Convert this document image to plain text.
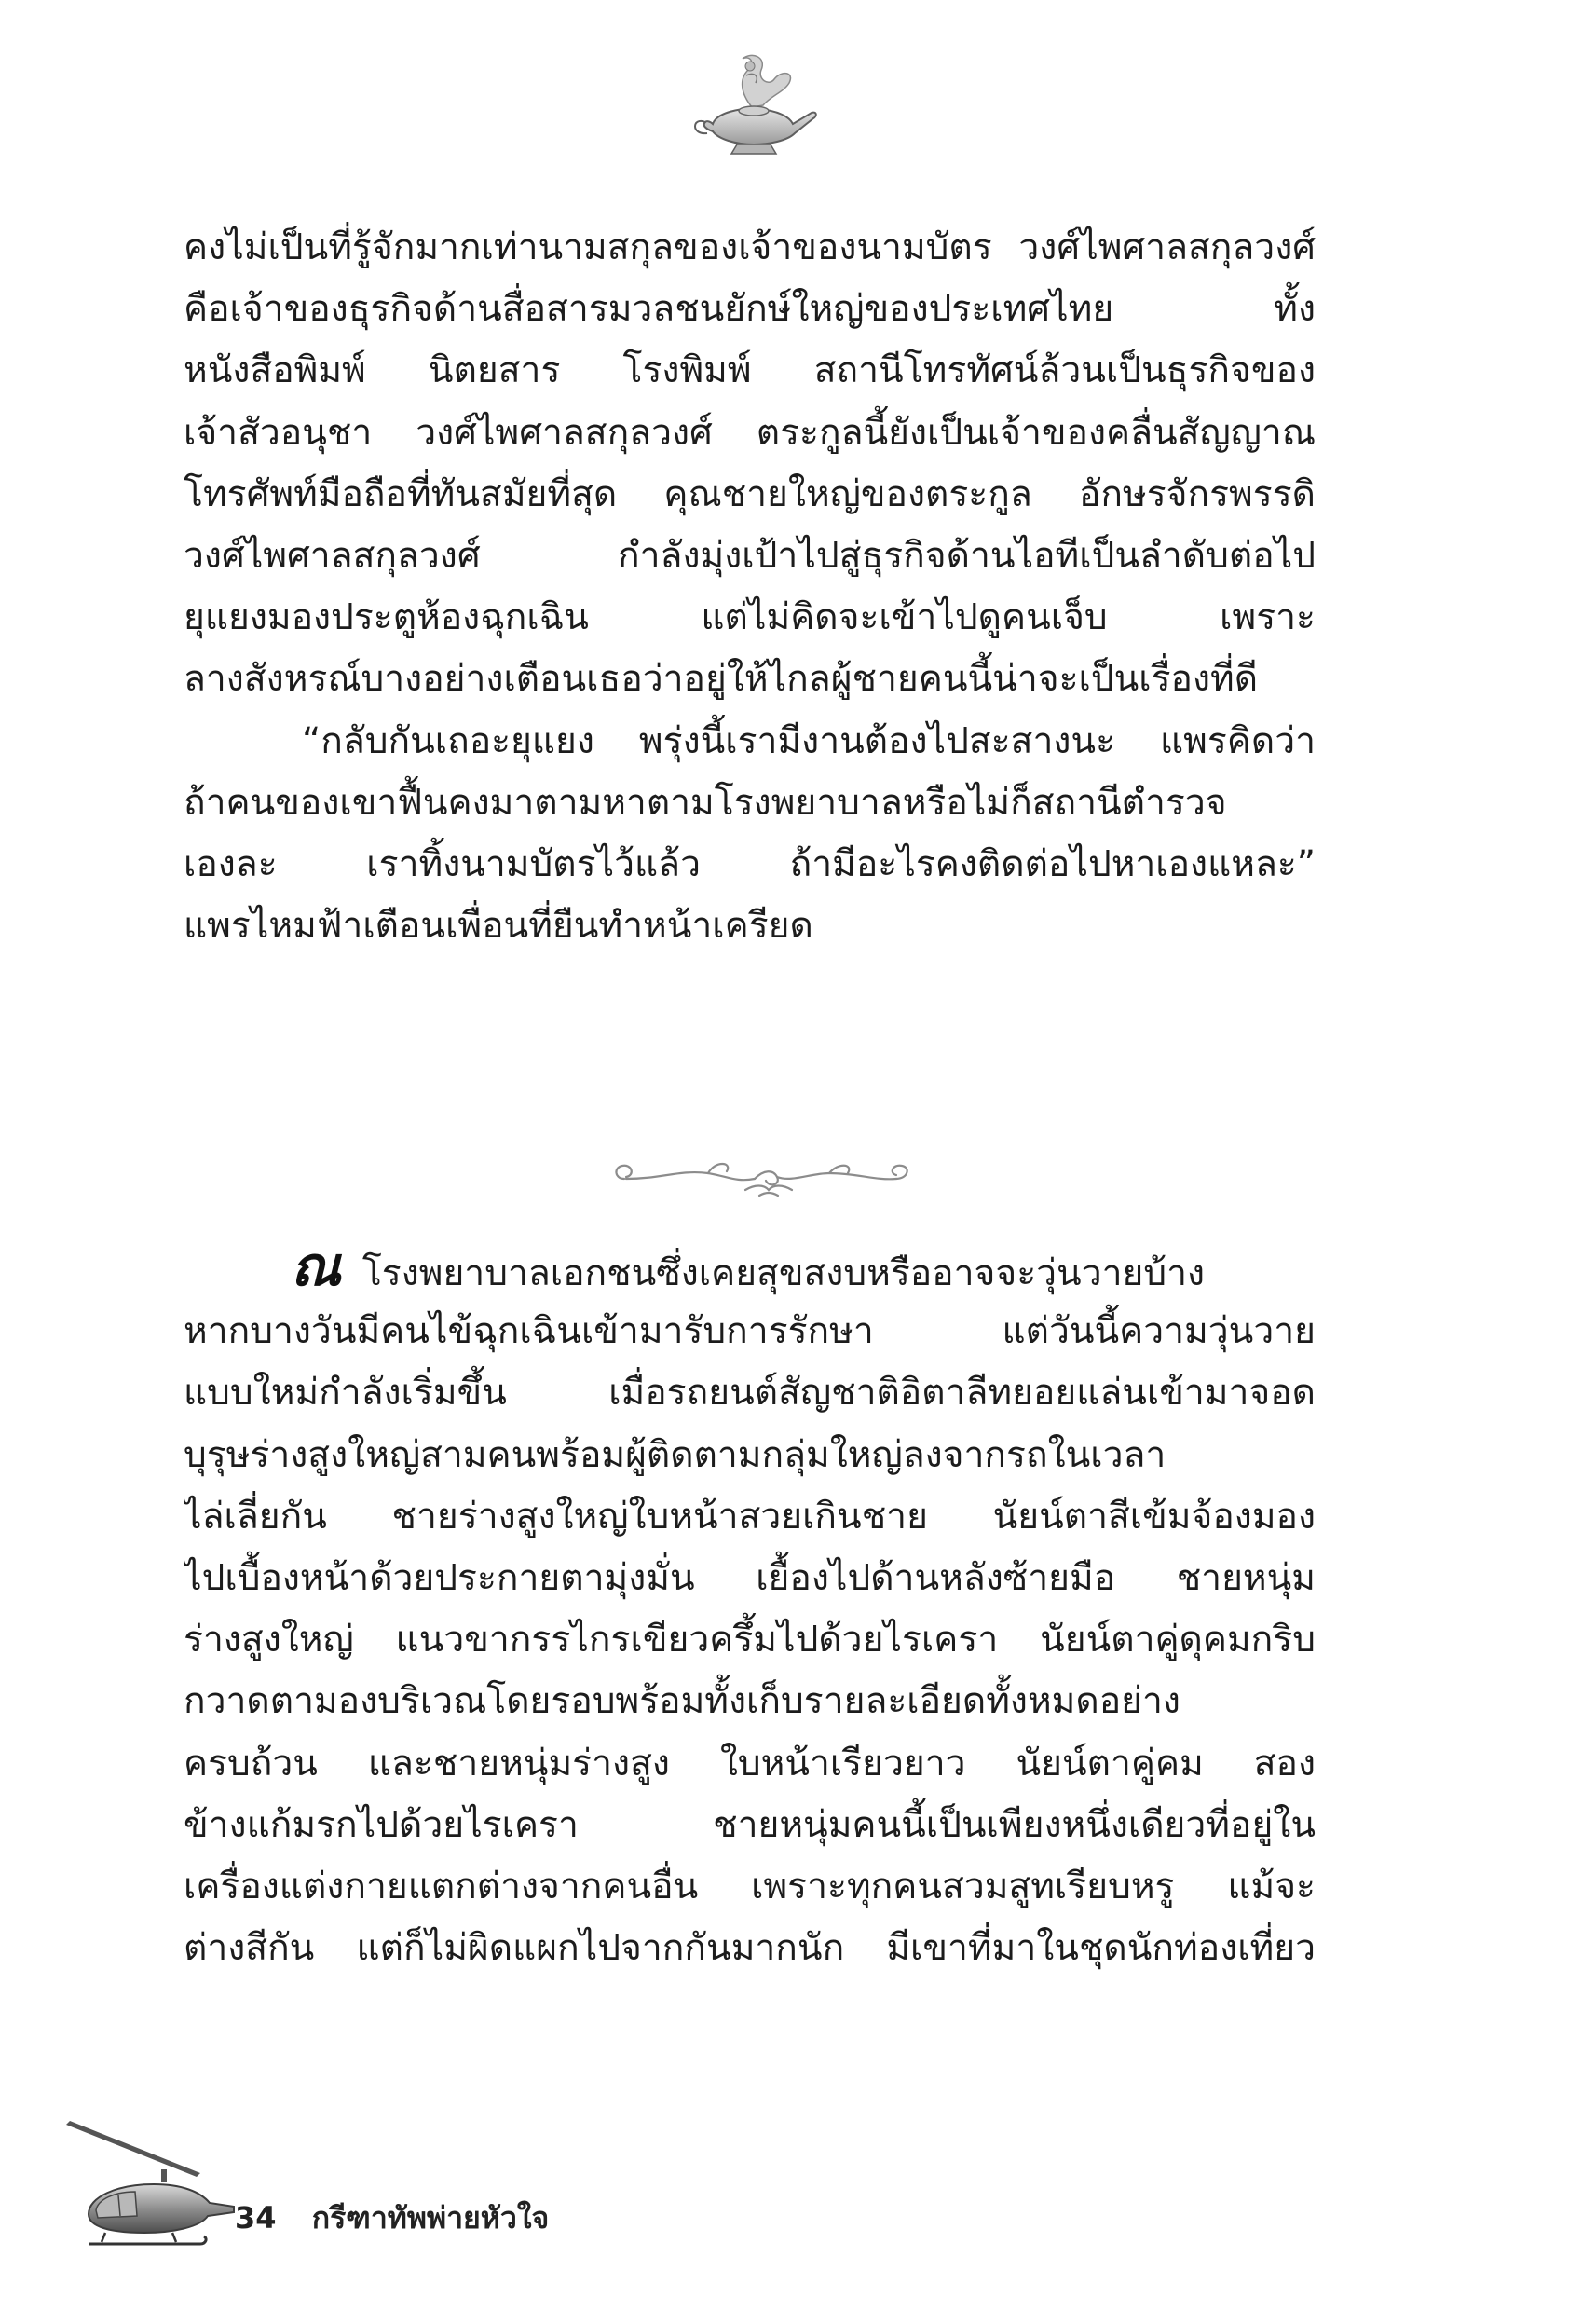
คงไม่เป็นที่รู้จักมากเท่านามสกุลของเจ้าของนามบัตร วงศ์ไพศาลสกุลวงศ์
คือเจ้าของธุรกิจด้านสื่อสารมวลชนยักษ์ใหญ่ของประเทศไทย ทั้ง
หนังสือพิมพ์ นิตยสาร โรงพิมพ์ สถานีโทรทัศน์ล้วนเป็นธุรกิจของ
เจ้าสัวอนุชา วงศ์ไพศาลสกุลวงศ์ ตระกูลนี้ยังเป็นเจ้าของคลื่นสัญญาณ
โทรศัพท์มือถือที่ทันสมัยที่สุด คุณชายใหญ่ของตระกูล อักษรจักรพรรดิ
วงศ์ไพศาลสกุลวงศ์ กำลังมุ่งเป้าไปสู่ธุรกิจด้านไอทีเป็นลำดับต่อไป
ยุแยงมองประตูห้องฉุกเฉิน แต่ไม่คิดจะเข้าไปดูคนเจ็บ เพราะ
ลางสังหรณ์บางอย่างเตือนเธอว่าอยู่ให้ไกลผู้ชายคนนี้น่าจะเป็นเรื่องที่ดี
“กลับกันเถอะยุแยง พรุ่งนี้เรามีงานต้องไปสะสางนะ แพรคิดว่า
ถ้าคนของเขาฟื้นคงมาตามหาตามโรงพยาบาลหรือไม่ก็สถานีตำรวจ
เองละ เราทิ้งนามบัตรไว้แล้ว ถ้ามีอะไรคงติดต่อไปหาเองแหละ”
แพรไหมฟ้าเตือนเพื่อนที่ยืนทำหน้าเครียด
ณ โรงพยาบาลเอกชนซึ่งเคยสุขสงบหรืออาจจะวุ่นวายบ้าง
หากบางวันมีคนไข้ฉุกเฉินเข้ามารับการรักษา แต่วันนี้ความวุ่นวาย
แบบใหม่กำลังเริ่มขึ้น เมื่อรถยนต์สัญชาติอิตาลีทยอยแล่นเข้ามาจอด
บุรุษร่างสูงใหญ่สามคนพร้อมผู้ติดตามกลุ่มใหญ่ลงจากรถในเวลา
ไล่เลี่ยกัน ชายร่างสูงใหญ่ใบหน้าสวยเกินชาย นัยน์ตาสีเข้มจ้องมอง
ไปเบื้องหน้าด้วยประกายตามุ่งมั่น เยื้องไปด้านหลังซ้ายมือ ชายหนุ่ม
ร่างสูงใหญ่ แนวขากรรไกรเขียวครึ้มไปด้วยไรเครา นัยน์ตาคู่ดุคมกริบ
กวาดตามองบริเวณโดยรอบพร้อมทั้งเก็บรายละเอียดทั้งหมดอย่าง
ครบถ้วน และชายหนุ่มร่างสูง ใบหน้าเรียวยาว นัยน์ตาคู่คม สอง
ข้างแก้มรกไปด้วยไรเครา ชายหนุ่มคนนี้เป็นเพียงหนึ่งเดียวที่อยู่ใน
เครื่องแต่งกายแตกต่างจากคนอื่น เพราะทุกคนสวมสูทเรียบหรู แม้จะ
ต่างสีกัน แต่ก็ไม่ผิดแผกไปจากกันมากนัก มีเขาที่มาในชุดนักท่องเที่ยว
34 กรีฑาทัพพ่ายหัวใจ
